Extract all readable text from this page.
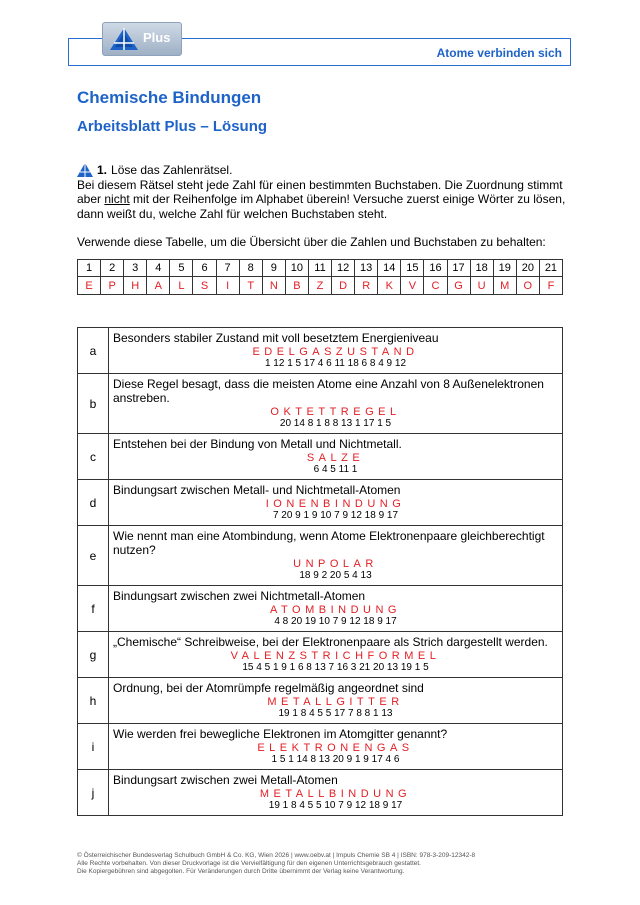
Atome verbinden sich
Plus
Chemische Bindungen
Arbeitsblatt Plus – Lösung
1. Löse das Zahlenrätsel.

Bei diesem Rätsel steht jede Zahl für einen bestimmten Buchstaben. Die Zuordnung stimmt

aber nicht mit der Reihenfolge im Alphabet überein! Versuche zuerst einige Wörter zu lösen,

dann weißt du, welche Zahl für welchen Buchstaben steht.

Verwende diese Tabelle, um die Übersicht über die Zahlen und Buchstaben zu behalten:
1	2	3	4	5	6	7	8	9	10	11	12	13	14	15	16	17	18	19	20	21
E	P	H	A	L	S	I	T	N	B	Z	D	R	K	V	C	G	U	M	O	F
a	Besonders stabiler Zustand mit voll besetztem Energieniveau
EDELGASZUSTAND
1 12 1 5 17 4 6 11 18 6 8 4 9 12

b	Diese Regel besagt, dass die meisten Atome eine Anzahl von 8 Außenelektronen anstreben.
OKTETTREGEL
20 14 8 1 8 8 13 1 17 1 5

c	Entstehen bei der Bindung von Metall und Nichtmetall.
SALZE
6 4 5 11 1

d	Bindungsart zwischen Metall- und Nichtmetall-Atomen
IONENBINDUNG
7 20 9 1 9 10 7 9 12 18 9 17

e	Wie nennt man eine Atombindung, wenn Atome Elektronenpaare gleichberechtigt nutzen?
UNPOLAR
18 9 2 20 5 4 13

f	Bindungsart zwischen zwei Nichtmetall-Atomen
ATOMBINDUNG
4 8 20 19 10 7 9 12 18 9 17

g	„Chemische“ Schreibweise, bei der Elektronenpaare als Strich dargestellt werden.
VALENZSTRICHFORMEL
15 4 5 1 9 1 6 8 13 7 16 3 21 20 13 19 1 5

h	Ordnung, bei der Atomrümpfe regelmäßig angeordnet sind
METALLGITTER
19 1 8 4 5 5 17 7 8 8 1 13

i	Wie werden frei bewegliche Elektronen im Atomgitter genannt?
ELEKTRONENGAS
1 5 1 14 8 13 20 9 1 9 17 4 6

j	Bindungsart zwischen zwei Metall-Atomen
METALLBINDUNG
19 1 8 4 5 5 10 7 9 12 18 9 17
© Österreichischer Bundesverlag Schulbuch GmbH & Co. KG, Wien 2026 | www.oebv.at | Impuls Chemie SB 4 | ISBN: 978-3-209-12342-8
Alle Rechte vorbehalten. Von dieser Druckvorlage ist die Vervielfältigung für den eigenen Unterrichtsgebrauch gestattet.
Die Kopiergebühren sind abgegolten. Für Veränderungen durch Dritte übernimmt der Verlag keine Verantwortung.
